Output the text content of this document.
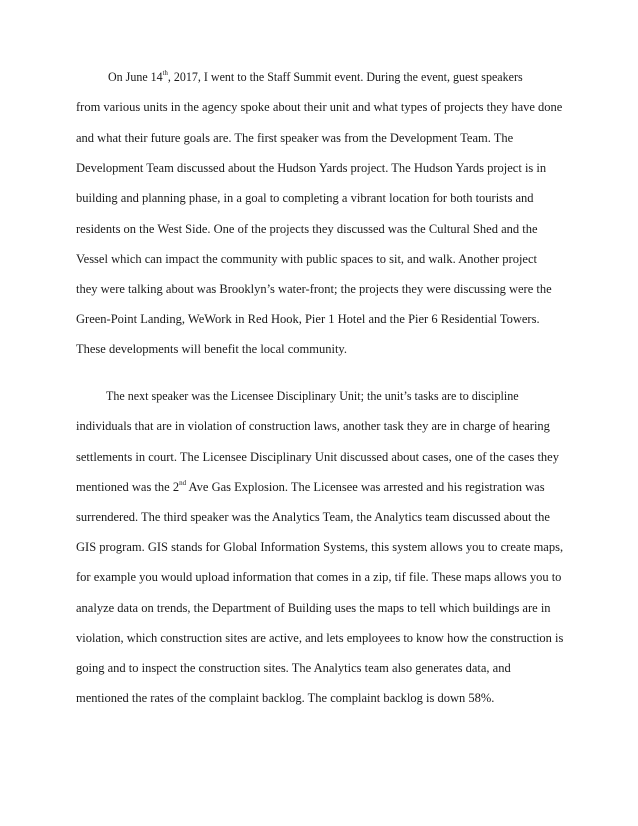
On June 14th, 2017, I went to the Staff Summit event. During the event, guest speakers
from various units in the agency spoke about their unit and what types of projects they have done
and what their future goals are. The first speaker was from the Development Team. The
Development Team discussed about the Hudson Yards project. The Hudson Yards project is in
building and planning phase, in a goal to completing a vibrant location for both tourists and
residents on the West Side. One of the projects they discussed was the Cultural Shed and the
Vessel which can impact the community with public spaces to sit, and walk. Another project
they were talking about was Brooklyn’s water-front; the projects they were discussing were the
Green-Point Landing, WeWork in Red Hook, Pier 1 Hotel and the Pier 6 Residential Towers.
These developments will benefit the local community.
The next speaker was the Licensee Disciplinary Unit; the unit’s tasks are to discipline
individuals that are in violation of construction laws, another task they are in charge of hearing
settlements in court. The Licensee Disciplinary Unit discussed about cases, one of the cases they
mentioned was the 2nd Ave Gas Explosion. The Licensee was arrested and his registration was
surrendered. The third speaker was the Analytics Team, the Analytics team discussed about the
GIS program. GIS stands for Global Information Systems, this system allows you to create maps,
for example you would upload information that comes in a zip, tif file. These maps allows you to
analyze data on trends, the Department of Building uses the maps to tell which buildings are in
violation, which construction sites are active, and lets employees to know how the construction is
going and to inspect the construction sites. The Analytics team also generates data, and
mentioned the rates of the complaint backlog. The complaint backlog is down 58%.
